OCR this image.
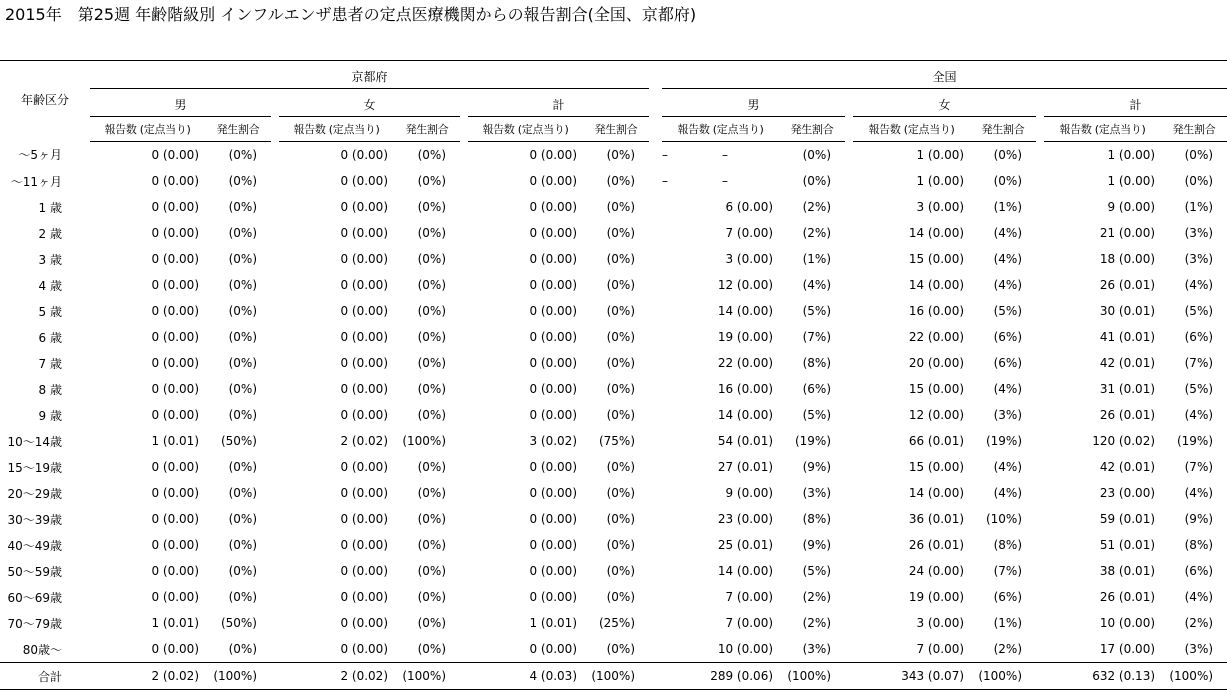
2015年　第25週 年齢階級別 インフルエンザ患者の定点医療機関からの報告割合(全国、京都府)
年齢区分	京都府									全国							
	男			女			計			男			女			計	
	報告数 (定点当り)	発生割合		報告数 (定点当り)	発生割合		報告数 (定点当り)	発生割合		報告数 (定点当り)	発生割合		報告数 (定点当り)	発生割合		報告数 (定点当り)	発生割合
～5ヶ月	0 (0.00)	(0%)		0 (0.00)	(0%)		0 (0.00)	(0%)		– –	(0%)		1 (0.00)	(0%)		1 (0.00)	(0%)
～11ヶ月	0 (0.00)	(0%)		0 (0.00)	(0%)		0 (0.00)	(0%)		– –	(0%)		1 (0.00)	(0%)		1 (0.00)	(0%)
1 歳	0 (0.00)	(0%)		0 (0.00)	(0%)		0 (0.00)	(0%)		6 (0.00)	(2%)		3 (0.00)	(1%)		9 (0.00)	(1%)
2 歳	0 (0.00)	(0%)		0 (0.00)	(0%)		0 (0.00)	(0%)		7 (0.00)	(2%)		14 (0.00)	(4%)		21 (0.00)	(3%)
3 歳	0 (0.00)	(0%)		0 (0.00)	(0%)		0 (0.00)	(0%)		3 (0.00)	(1%)		15 (0.00)	(4%)		18 (0.00)	(3%)
4 歳	0 (0.00)	(0%)		0 (0.00)	(0%)		0 (0.00)	(0%)		12 (0.00)	(4%)		14 (0.00)	(4%)		26 (0.01)	(4%)
5 歳	0 (0.00)	(0%)		0 (0.00)	(0%)		0 (0.00)	(0%)		14 (0.00)	(5%)		16 (0.00)	(5%)		30 (0.01)	(5%)
6 歳	0 (0.00)	(0%)		0 (0.00)	(0%)		0 (0.00)	(0%)		19 (0.00)	(7%)		22 (0.00)	(6%)		41 (0.01)	(6%)
7 歳	0 (0.00)	(0%)		0 (0.00)	(0%)		0 (0.00)	(0%)		22 (0.00)	(8%)		20 (0.00)	(6%)		42 (0.01)	(7%)
8 歳	0 (0.00)	(0%)		0 (0.00)	(0%)		0 (0.00)	(0%)		16 (0.00)	(6%)		15 (0.00)	(4%)		31 (0.01)	(5%)
9 歳	0 (0.00)	(0%)		0 (0.00)	(0%)		0 (0.00)	(0%)		14 (0.00)	(5%)		12 (0.00)	(3%)		26 (0.01)	(4%)
10～14歳	1 (0.01)	(50%)		2 (0.02)	(100%)		3 (0.02)	(75%)		54 (0.01)	(19%)		66 (0.01)	(19%)		120 (0.02)	(19%)
15～19歳	0 (0.00)	(0%)		0 (0.00)	(0%)		0 (0.00)	(0%)		27 (0.01)	(9%)		15 (0.00)	(4%)		42 (0.01)	(7%)
20～29歳	0 (0.00)	(0%)		0 (0.00)	(0%)		0 (0.00)	(0%)		9 (0.00)	(3%)		14 (0.00)	(4%)		23 (0.00)	(4%)
30～39歳	0 (0.00)	(0%)		0 (0.00)	(0%)		0 (0.00)	(0%)		23 (0.00)	(8%)		36 (0.01)	(10%)		59 (0.01)	(9%)
40～49歳	0 (0.00)	(0%)		0 (0.00)	(0%)		0 (0.00)	(0%)		25 (0.01)	(9%)		26 (0.01)	(8%)		51 (0.01)	(8%)
50～59歳	0 (0.00)	(0%)		0 (0.00)	(0%)		0 (0.00)	(0%)		14 (0.00)	(5%)		24 (0.00)	(7%)		38 (0.01)	(6%)
60～69歳	0 (0.00)	(0%)		0 (0.00)	(0%)		0 (0.00)	(0%)		7 (0.00)	(2%)		19 (0.00)	(6%)		26 (0.01)	(4%)
70～79歳	1 (0.01)	(50%)		0 (0.00)	(0%)		1 (0.01)	(25%)		7 (0.00)	(2%)		3 (0.00)	(1%)		10 (0.00)	(2%)
80歳～	0 (0.00)	(0%)		0 (0.00)	(0%)		0 (0.00)	(0%)		10 (0.00)	(3%)		7 (0.00)	(2%)		17 (0.00)	(3%)
合計	2 (0.02)	(100%)		2 (0.02)	(100%)		4 (0.03)	(100%)		289 (0.06)	(100%)		343 (0.07)	(100%)		632 (0.13)	(100%)
